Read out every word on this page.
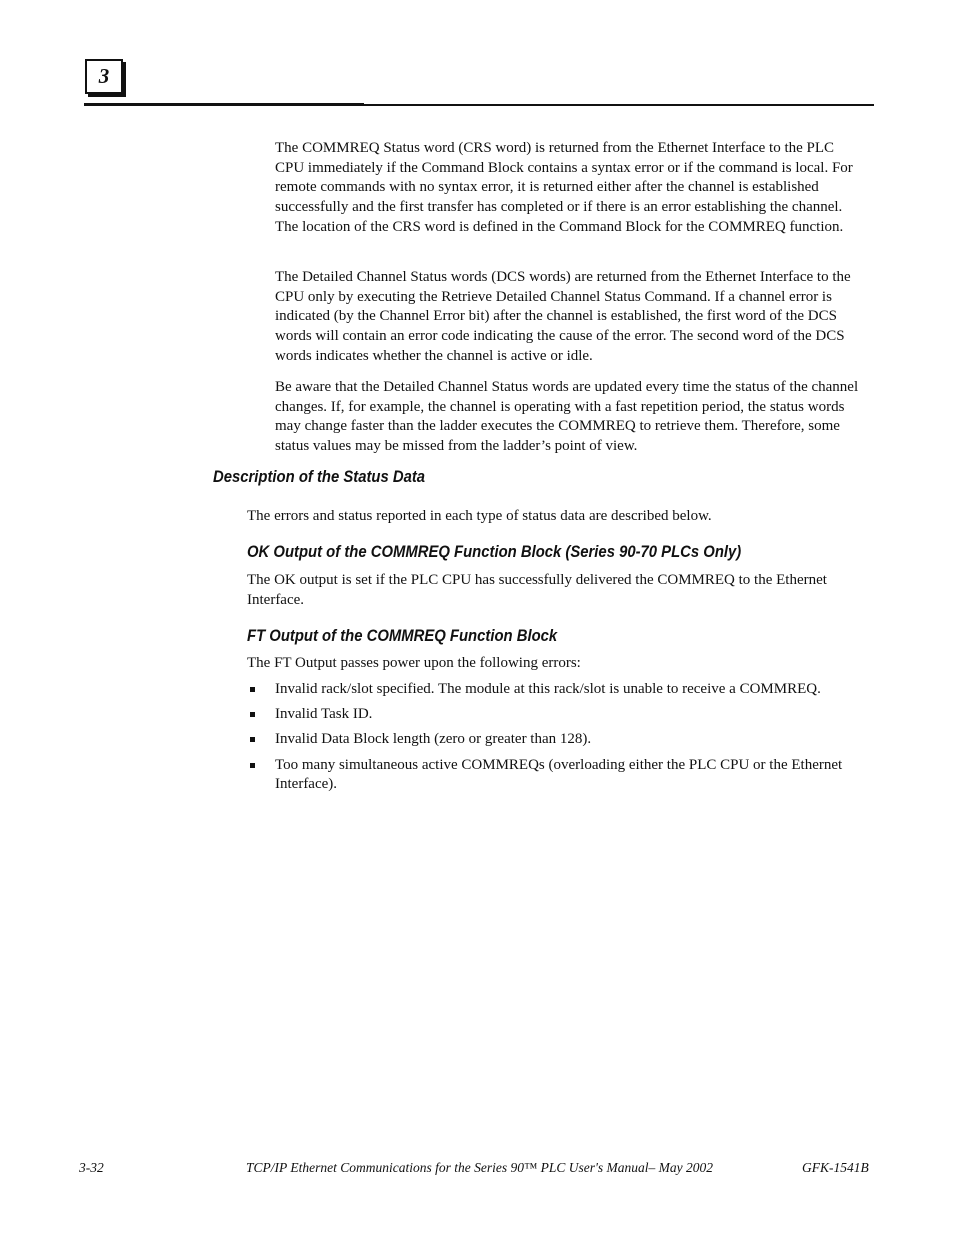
3

The COMMREQ Status word (CRS word) is returned from the Ethernet Interface to the PLC CPU immediately if the Command Block contains a syntax error or if the command is local. For remote commands with no syntax error, it is returned either after the channel is established successfully and the first transfer has completed or if there is an error establishing the channel. The location of the CRS word is defined in the Command Block for the COMMREQ function.

The Detailed Channel Status words (DCS words) are returned from the Ethernet Interface to the CPU only by executing the Retrieve Detailed Channel Status Command. If a channel error is indicated (by the Channel Error bit) after the channel is established, the first word of the DCS words will contain an error code indicating the cause of the error. The second word of the DCS words indicates whether the channel is active or idle.

Be aware that the Detailed Channel Status words are updated every time the status of the channel changes. If, for example, the channel is operating with a fast repetition period, the status words may change faster than the ladder executes the COMMREQ to retrieve them. Therefore, some status values may be missed from the ladder’s point of view.

Description of the Status Data

The errors and status reported in each type of status data are described below.

OK Output of the COMMREQ Function Block (Series 90-70 PLCs Only)

The OK output is set if the PLC CPU has successfully delivered the COMMREQ to the Ethernet Interface.

FT Output of the COMMREQ Function Block

The FT Output passes power upon the following errors:

Invalid rack/slot specified. The module at this rack/slot is unable to receive a COMMREQ.
Invalid Task ID.
Invalid Data Block length (zero or greater than 128).
Too many simultaneous active COMMREQs (overloading either the PLC CPU or the Ethernet Interface).
3-32	TCP/IP Ethernet Communications for the Series 90™ PLC User's Manual– May 2002	GFK-1541B
